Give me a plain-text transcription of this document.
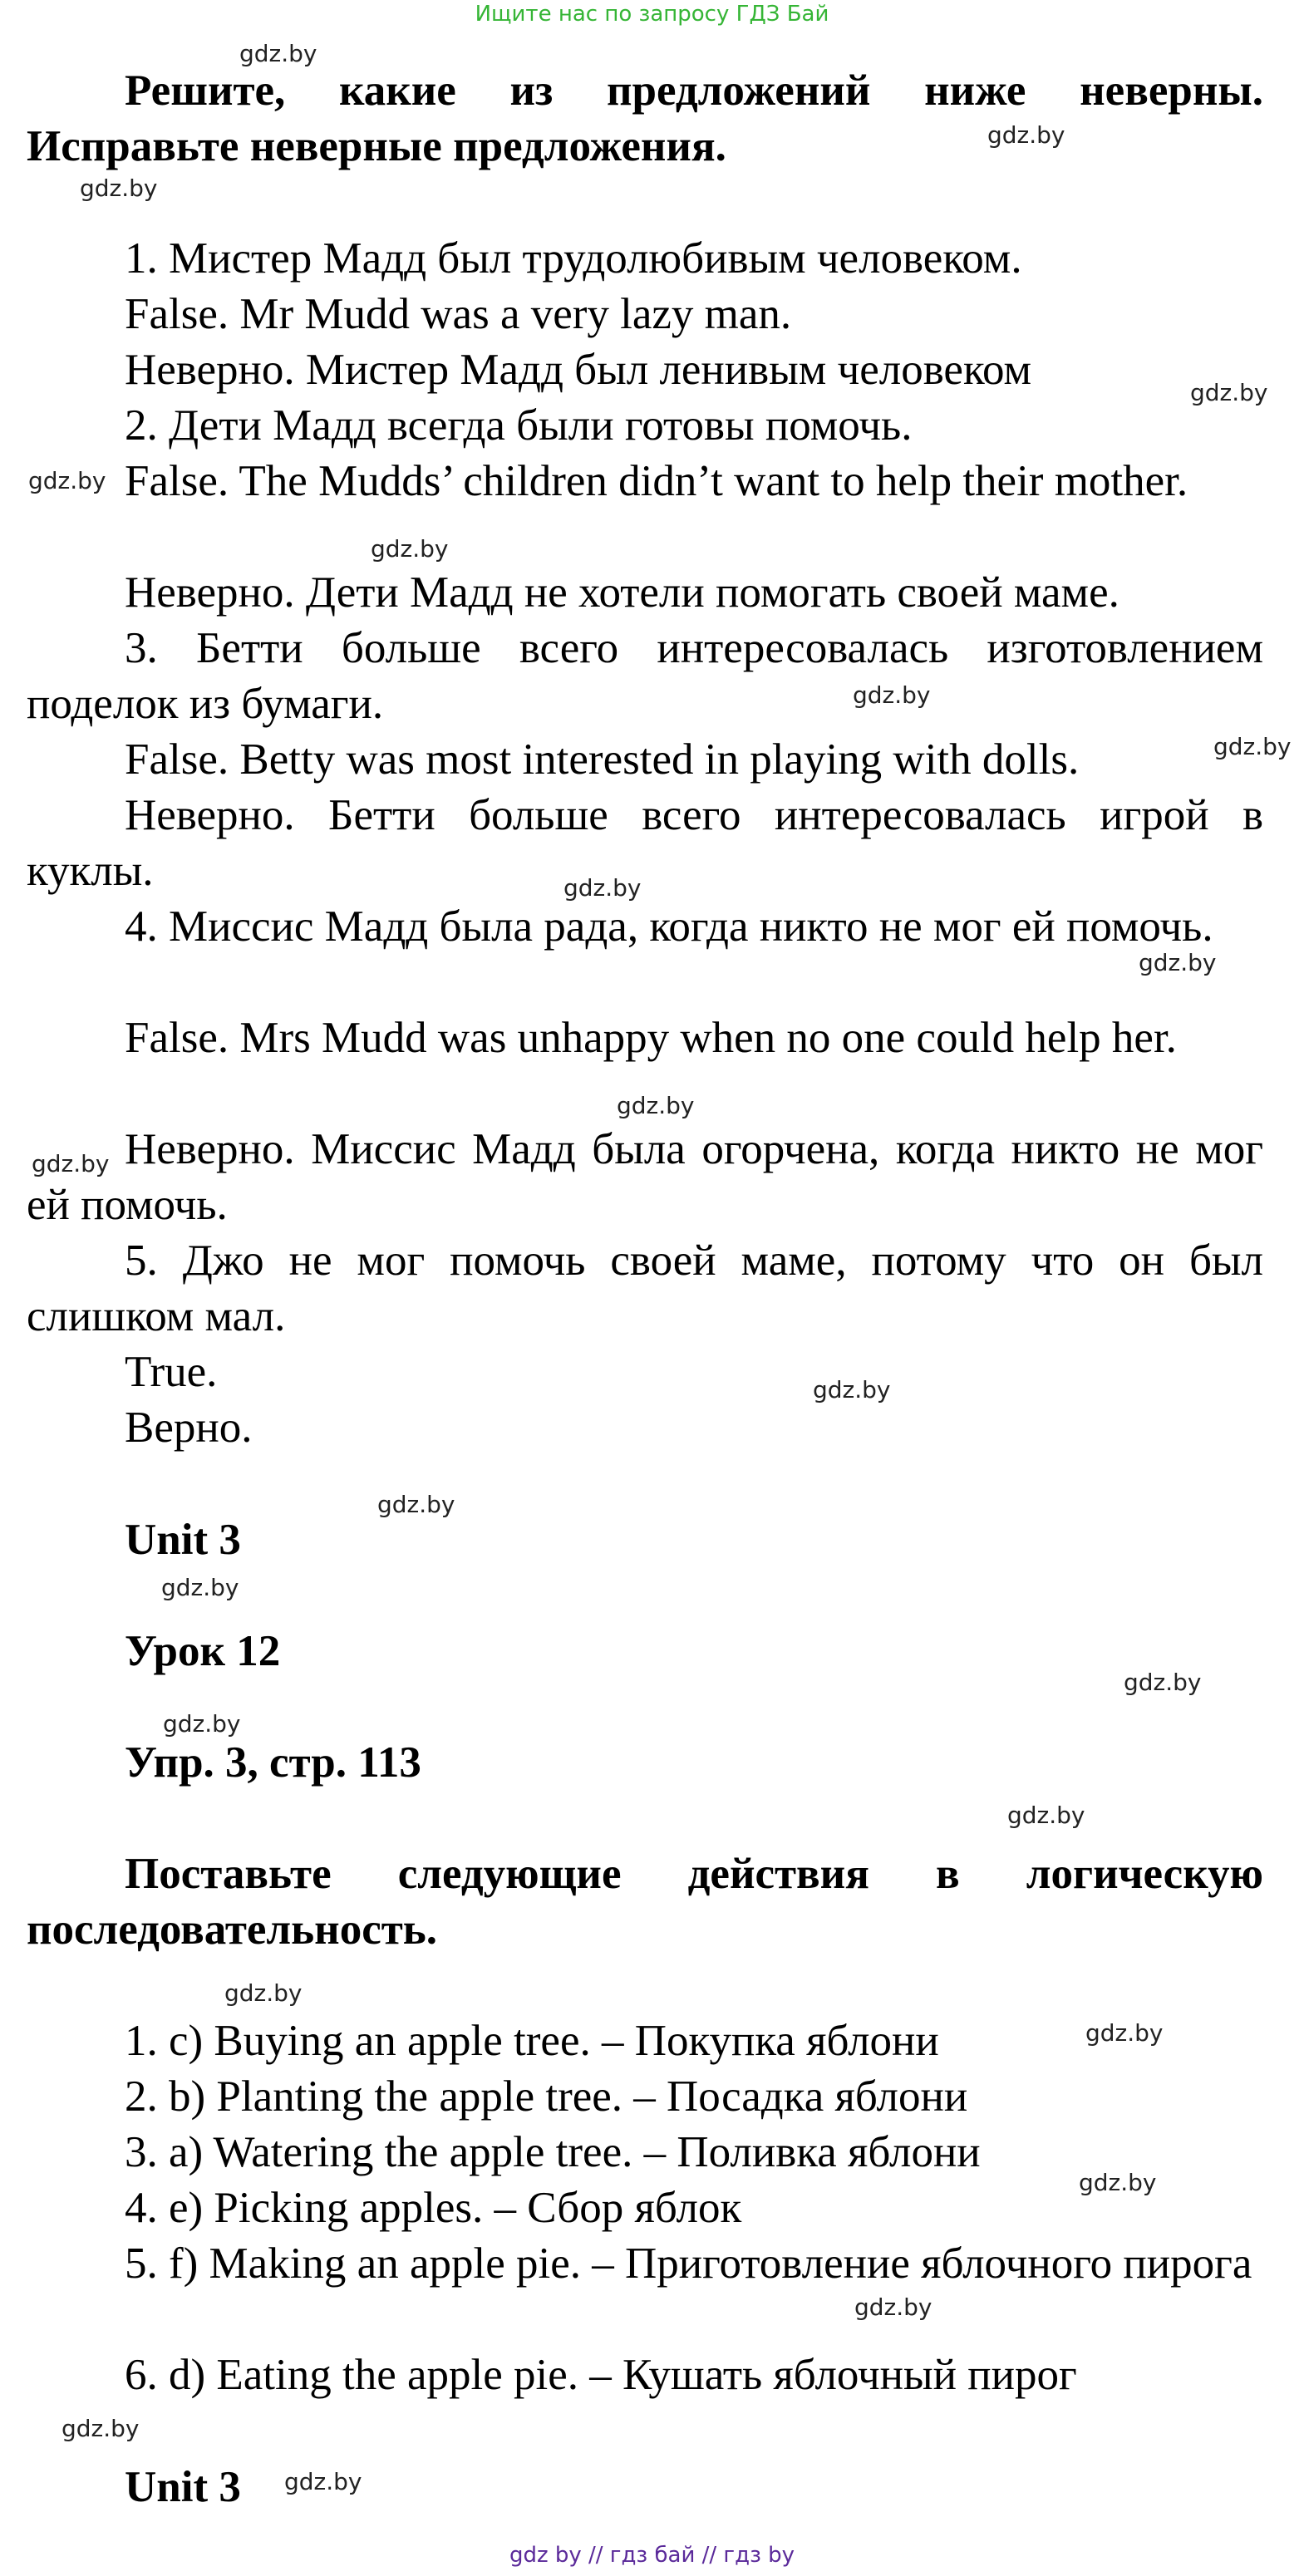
Ищите нас по запросу ГДЗ Бай
gdz.by
gdz.by
gdz.by
gdz.by
gdz.by
gdz.by
gdz.by
gdz.by
gdz.by
gdz.by
gdz.by
gdz.by
gdz.by
gdz.by
gdz.by
gdz.by
gdz.by
gdz.by
gdz.by
gdz.by
gdz.by
gdz.by
gdz.by
gdz.by

Решите, какие из предложений ниже неверны. Исправьте неверные предложения.

1. Мистер Мадд был трудолюбивым человеком.

False. Mr Mudd was a very lazy man.

Неверно. Мистер Мадд был ленивым человеком

2. Дети Мадд всегда были готовы помочь.

False. The Mudds’ children didn’t want to help their mother.

Неверно. Дети Мадд не хотели помогать своей маме.

3. Бетти больше всего интересовалась изготовлением поделок из бумаги.

False. Betty was most interested in playing with dolls.

Неверно. Бетти больше всего интересовалась игрой в куклы.

4. Миссис Мадд была рада, когда никто не мог ей помочь.

False. Mrs Mudd was unhappy when no one could help her.

Неверно. Миссис Мадд была огорчена, когда никто не мог ей помочь.

5. Джо не мог помочь своей маме, потому что он был слишком мал.

True.

Верно.

Unit 3

Урок 12

Упр. 3, стр. 113

Поставьте следующие действия в логическую последовательность.

1. c) Buying an apple tree. – Покупка яблони

2. b) Planting the apple tree. – Посадка яблони

3. a) Watering the apple tree. – Поливка яблони

4. e) Picking apples. – Сбор яблок

5. f) Making an apple pie. – Приготовление яблочного пирога

6. d) Eating the apple pie. – Кушать яблочный пирог

Unit 3

gdz by // гдз бай // гдз by
